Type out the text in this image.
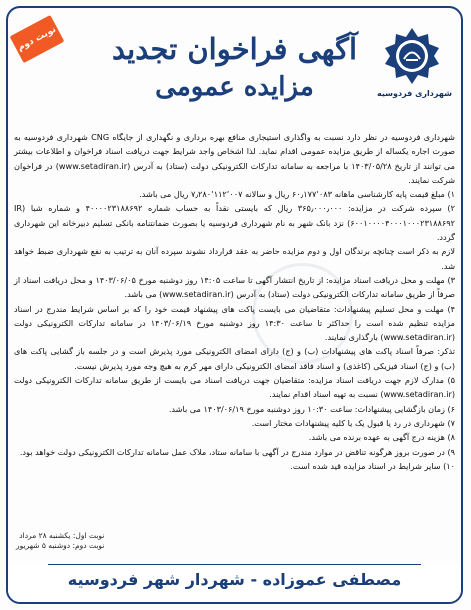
نوبت دوم	آگهی فراخوان تجدید
مزایده عمومی	شهرداری فردوسیه

شهرداری فردوسیه در نظر دارد نسبت به واگذاری استیجاری منافع بهره برداری و نگهداری از جایگاه CNG شهرداری فردوسیه به صورت اجاره یکساله از طریق مزایده عمومی اقدام نماید. لذا اشخاص واجد شرایط جهت دریافت اسناد فراخوان و اطلاعات بیشتر می توانند از تاریخ ۱۴۰۳/۰۵/۲۸ با مراجعه به سامانه تدارکات الکترونیکی دولت (ستاد) به آدرس (www.setadiran.ir) در فراخوان شرکت نمایند.

۱) مبلغ قیمت پایه کارشناسی ماهانه ۶۰٫۱۷۷٬۰۸۳ ریال و سالانه ۷٫۲۸۰٬۱۱۲٬۰۰۷ ریال می باشد.

۲) سپرده شرکت در مزایده: ۳۶۵٫۰۰۰٫۰۰۰ ریال که بایستی نقداً به حساب شماره ۴۰۰۰۰۲۳۱۸۸۶۹۲ و شماره شبا (IR ۶۰۰۱۰۰۰۰۴۰۰۰۱۰۰۰۲۳۱۸۸۶۹۲) نزد بانک شهر به نام شهرداری فردوسیه یا بصورت ضمانتنامه بانکی تسلیم دبیرخانه این شهرداری گردد.

لازم به ذکر است چنانچه برندگان اول و دوم مزایده حاضر به عقد قرارداد نشوند سپرده آنان به ترتیب به نفع شهرداری ضبط خواهد شد.

۳) مهلت و محل دریافت اسناد مزایده: از تاریخ انتشار آگهی تا ساعت ۱۴:۰۵ روز دوشنبه مورخ ۱۴۰۳/۰۶/۰۵ و محل دریافت اسناد از صرفاً از طریق سامانه تدارکات الکترونیکی دولت (ستاد) به آدرس (www.setadiran.ir) می باشد.

۴) مهلت و محل تسلیم پیشنهادات: متقاضیان می بایست پاکت های پیشنهاد قیمت خود را که بر اساس شرایط مندرج در اسناد مزایده تنظیم شده است را حداکثر تا ساعت ۱۴:۳۰ روز دوشنبه مورخ ۱۴۰۳/۰۶/۱۹ در سامانه تدارکات الکترونیکی دولت (www.setadiran.ir) بارگذاری نمایند.

تذکر: صرفاً اسناد پاکت های پیشنهادات (ب) و (ج) دارای امضای الکترونیکی مورد پذیرش است و در جلسه باز گشایی پاکت های (ب) و (ج) اسناد فیزیکی (کاغذی) و اسناد فاقد امضای الکترونیکی دارای مهر کرم به هیچ وجه مورد پذیرش نیست.

۵) مدارک لازم جهت دریافت اسناد مزایده: متقاضیان جهت دریافت اسناد می بایست از طریق سامانه تدارکات الکترونیکی دولت (www.setadiran.ir) نسبت به تهیه اسناد اقدام نمایند.

۶) زمان بازگشایی پیشنهادات: ساعت ۱۰:۳۰ روز دوشنبه مورخ ۱۴۰۳/۰۶/۱۹ می باشد.

۷) شهرداری در رد یا قبول یک یا کلیه پیشنهادات مختار است.

۸) هزینه درج آگهی به عهده برنده می باشد.

۹) در صورت بروز هرگونه تناقض در موارد مندرج در آگهی با سامانه ستاد، ملاک عمل سامانه تدارکات الکترونیکی دولت خواهد بود.

۱۰) سایر شرایط در اسناد مزایده قید شده است.

نوبت اول: یکشنبه ۲۸ مرداد
نوبت دوم: دوشنبه ۵ شهریور
مصطفی عموزاده - شهردار شهر فردوسیه
